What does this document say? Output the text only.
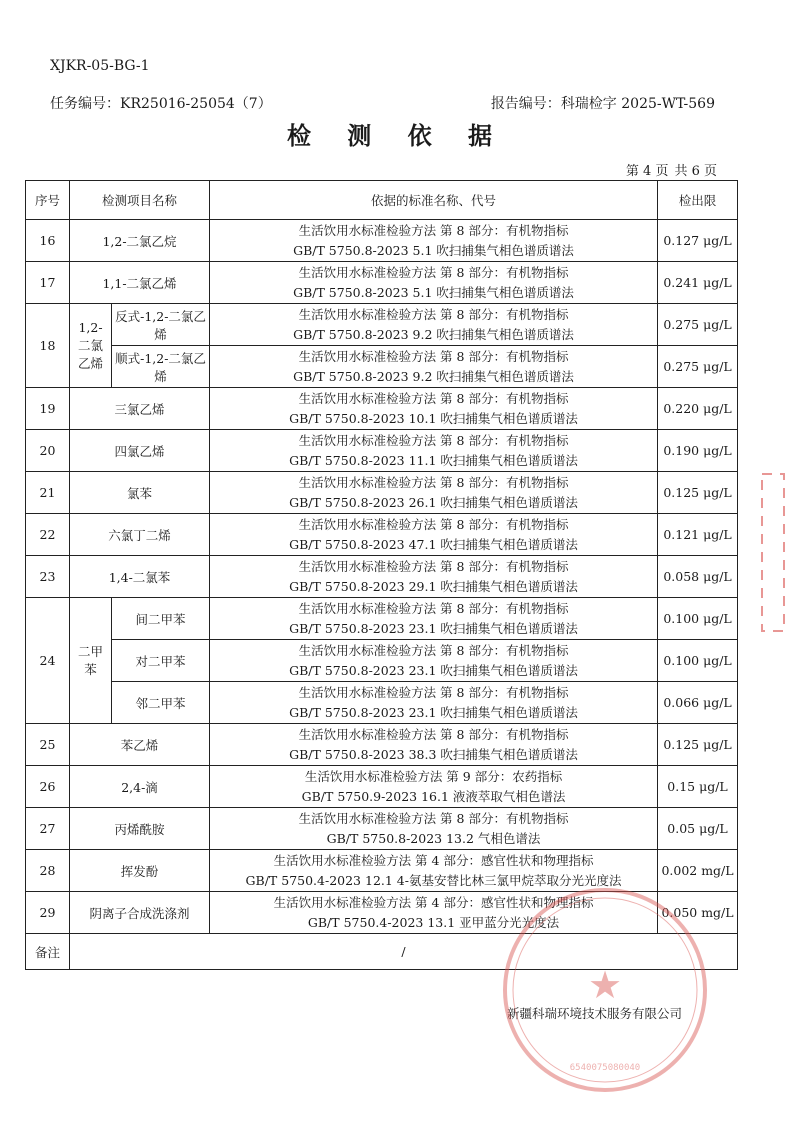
XJKR-05-BG-1
任务编号：KR25016-25054（7）	报告编号：科瑞检字 2025-WT-569
检 测 依 据
第 4 页 共 6 页
序号	检测项目名称		依据的标准名称、代号	检出限
16	1,2-二氯乙烷		生活饮用水标准检验方法 第 8 部分：有机物指标
GB/T 5750.8-2023 5.1 吹扫捕集气相色谱质谱法	0.127 μg/L
17	1,1-二氯乙烯		生活饮用水标准检验方法 第 8 部分：有机物指标
GB/T 5750.8-2023 5.1 吹扫捕集气相色谱质谱法	0.241 μg/L
18	1,2-二氯乙烯	反式-1,2-二氯乙烯	生活饮用水标准检验方法 第 8 部分：有机物指标
GB/T 5750.8-2023 9.2 吹扫捕集气相色谱质谱法	0.275 μg/L
		顺式-1,2-二氯乙烯	生活饮用水标准检验方法 第 8 部分：有机物指标
GB/T 5750.8-2023 9.2 吹扫捕集气相色谱质谱法	0.275 μg/L
19	三氯乙烯		生活饮用水标准检验方法 第 8 部分：有机物指标
GB/T 5750.8-2023 10.1 吹扫捕集气相色谱质谱法	0.220 μg/L
20	四氯乙烯		生活饮用水标准检验方法 第 8 部分：有机物指标
GB/T 5750.8-2023 11.1 吹扫捕集气相色谱质谱法	0.190 μg/L
21	氯苯		生活饮用水标准检验方法 第 8 部分：有机物指标
GB/T 5750.8-2023 26.1 吹扫捕集气相色谱质谱法	0.125 μg/L
22	六氯丁二烯		生活饮用水标准检验方法 第 8 部分：有机物指标
GB/T 5750.8-2023 47.1 吹扫捕集气相色谱质谱法	0.121 μg/L
23	1,4-二氯苯		生活饮用水标准检验方法 第 8 部分：有机物指标
GB/T 5750.8-2023 29.1 吹扫捕集气相色谱质谱法	0.058 μg/L
24	二甲苯	间二甲苯	生活饮用水标准检验方法 第 8 部分：有机物指标
GB/T 5750.8-2023 23.1 吹扫捕集气相色谱质谱法	0.100 μg/L
		对二甲苯	生活饮用水标准检验方法 第 8 部分：有机物指标
GB/T 5750.8-2023 23.1 吹扫捕集气相色谱质谱法	0.100 μg/L
		邻二甲苯	生活饮用水标准检验方法 第 8 部分：有机物指标
GB/T 5750.8-2023 23.1 吹扫捕集气相色谱质谱法	0.066 μg/L
25	苯乙烯		生活饮用水标准检验方法 第 8 部分：有机物指标
GB/T 5750.8-2023 38.3 吹扫捕集气相色谱质谱法	0.125 μg/L
26	2,4-滴		生活饮用水标准检验方法 第 9 部分：农药指标
GB/T 5750.9-2023 16.1 液液萃取气相色谱法	0.15 μg/L
27	丙烯酰胺		生活饮用水标准检验方法 第 8 部分：有机物指标
GB/T 5750.8-2023 13.2 气相色谱法	0.05 μg/L
28	挥发酚		生活饮用水标准检验方法 第 4 部分：感官性状和物理指标
GB/T 5750.4-2023 12.1 4-氨基安替比林三氯甲烷萃取分光光度法	0.002 mg/L
29	阴离子合成洗涤剂		生活饮用水标准检验方法 第 4 部分：感官性状和物理指标
GB/T 5750.4-2023 13.1 亚甲蓝分光光度法	0.050 mg/L
备注	/			
新疆科瑞环境技术服务有限公司
★
6540075080040
